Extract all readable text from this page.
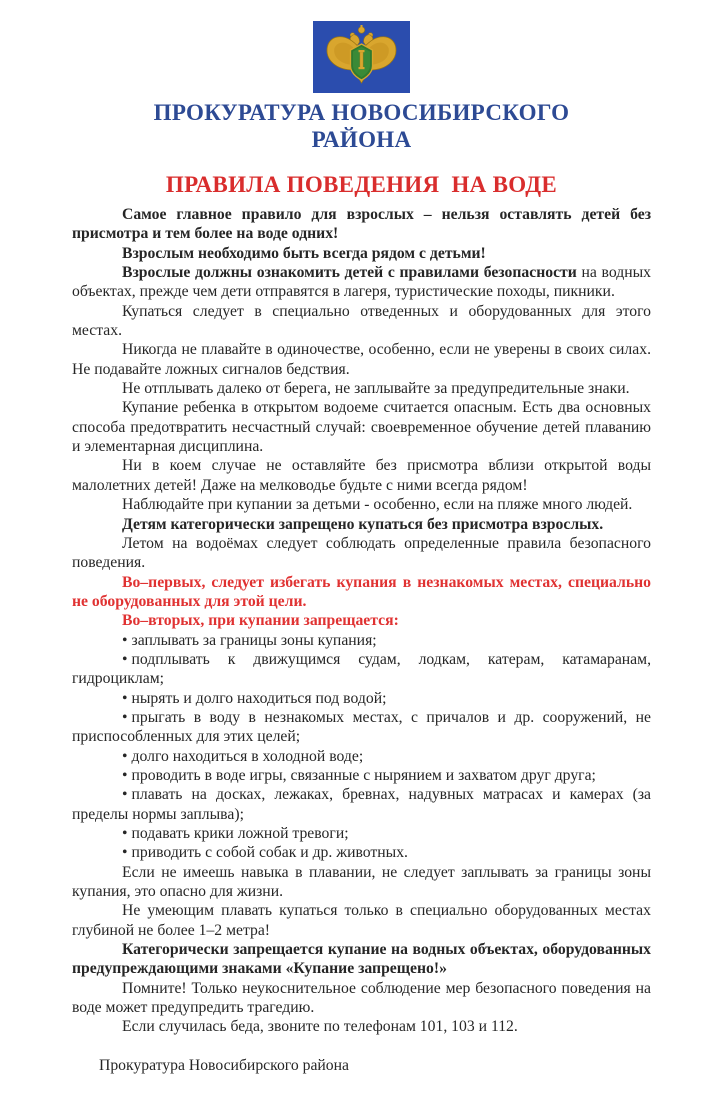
ПРОКУРАТУРА НОВОСИБИРСКОГО
РАЙОНА
ПРАВИЛА ПОВЕДЕНИЯ  НА ВОДЕ

Самое главное правило для взрослых – нельзя оставлять детей без присмотра и тем более на воде одних!

Взрослым необходимо быть всегда рядом с детьми!

Взрослые должны ознакомить детей с правилами безопасности на водных объектах, прежде чем дети отправятся в лагеря, туристические походы, пикники.

Купаться следует в специально отведенных и оборудованных для этого местах.

Никогда не плавайте в одиночестве, особенно, если не уверены в своих силах. Не подавайте ложных сигналов бедствия.

Не отплывать далеко от берега, не заплывайте за предупредительные знаки.

Купание ребенка в открытом водоеме считается опасным. Есть два основных способа предотвратить несчастный случай: своевременное обучение детей плаванию и элементарная дисциплина.

Ни в коем случае не оставляйте без присмотра вблизи открытой воды малолетних детей! Даже на мелководье будьте с ними всегда рядом!

Наблюдайте при купании за детьми - особенно, если на пляже много людей.

Детям категорически запрещено купаться без присмотра взрослых.

Летом на водоёмах следует соблюдать определенные правила безопасного поведения.

Во–первых, следует избегать купания в незнакомых местах, специально не оборудованных для этой цели.

Во–вторых, при купании запрещается:

• заплывать за границы зоны купания;

• подплывать к движущимся судам, лодкам, катерам, катамаранам, гидроциклам;

• нырять и долго находиться под водой;

• прыгать в воду в незнакомых местах, с причалов и др. сооружений, не приспособленных для этих целей;

• долго находиться в холодной воде;

• проводить в воде игры, связанные с нырянием и захватом друг друга;

• плавать на досках, лежаках, бревнах, надувных матрасах и камерах (за пределы нормы заплыва);

• подавать крики ложной тревоги;

• приводить с собой собак и др. животных.

Если не имеешь навыка в плавании, не следует заплывать за границы зоны купания, это опасно для жизни.

Не умеющим плавать купаться только в специально оборудованных местах глубиной не более 1–2 метра!

Категорически запрещается купание на водных объектах, оборудованных предупреждающими знаками «Купание запрещено!»

Помните! Только неукоснительное соблюдение мер безопасного поведения на воде может предупредить трагедию.

Если случилась беда, звоните по телефонам 101, 103 и 112.

Прокуратура Новосибирского района
